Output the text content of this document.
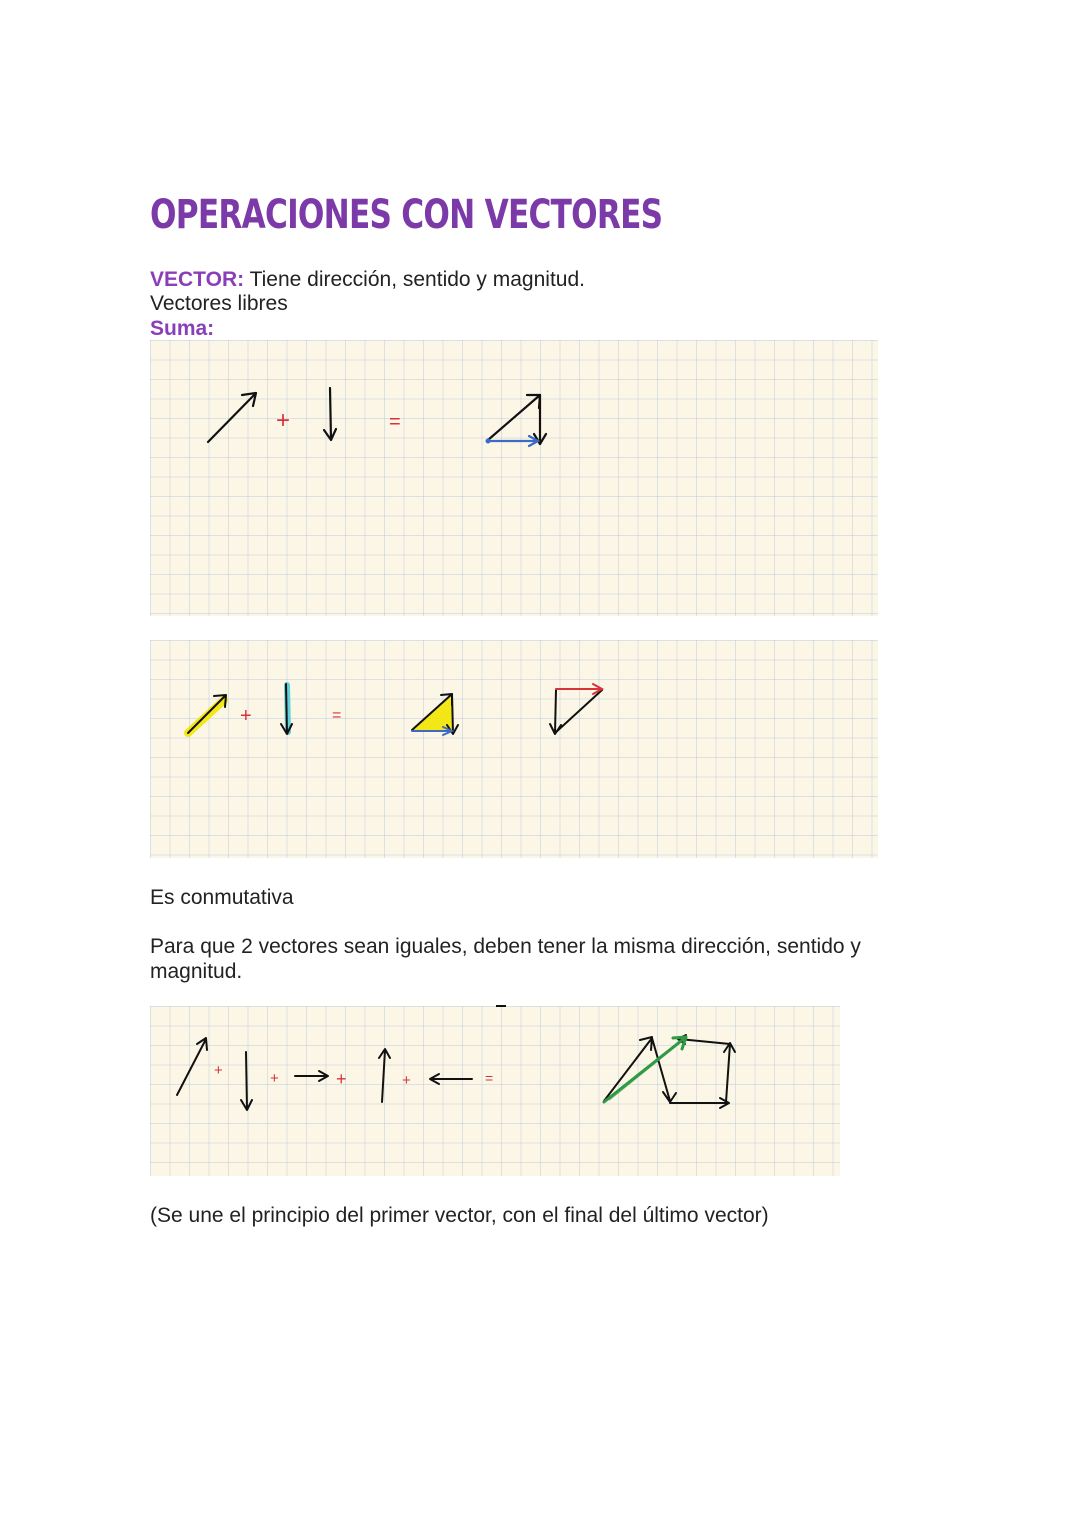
OPERACIONES CON VECTORES
VECTOR: Tiene dirección, sentido y magnitud.
Vectores libres
Suma:
+	=
+	=

Es conmutativa

Para que 2 vectores sean iguales, deben tener la misma dirección, sentido y magnitud.

+	+	+	+	=

(Se une el principio del primer vector, con el final del último vector)
